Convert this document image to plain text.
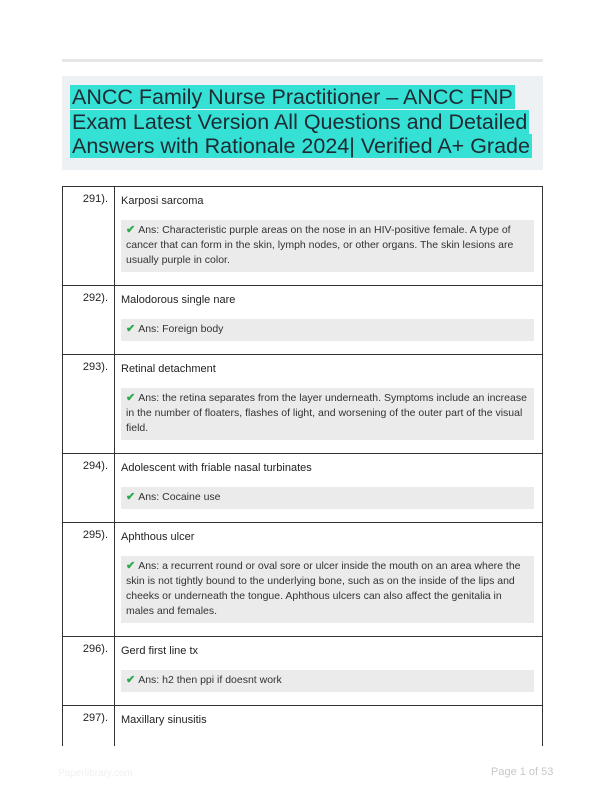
ANCC Family Nurse Practitioner – ANCC FNP
Exam Latest Version All Questions and Detailed
Answers with Rationale 2024| Verified A+ Grade
291).	Karposi sarcoma
✔ Ans: Characteristic purple areas on the nose in an HIV-positive female. A type of cancer that can form in the skin, lymph nodes, or other organs. The skin lesions are usually purple in color.
292).	Malodorous single nare
✔ Ans: Foreign body
293).	Retinal detachment
✔ Ans: the retina separates from the layer underneath. Symptoms include an increase in the number of floaters, flashes of light, and worsening of the outer part of the visual field.
294).	Adolescent with friable nasal turbinates
✔ Ans: Cocaine use
295).	Aphthous ulcer
✔ Ans: a recurrent round or oval sore or ulcer inside the mouth on an area where the skin is not tightly bound to the underlying bone, such as on the inside of the lips and cheeks or underneath the tongue. Aphthous ulcers can also affect the genitalia in males and females.
296).	Gerd first line tx
✔ Ans: h2 then ppi if doesnt work
297).	Maxillary sinusitis
Paperlibrary.com	Page 1 of 53
